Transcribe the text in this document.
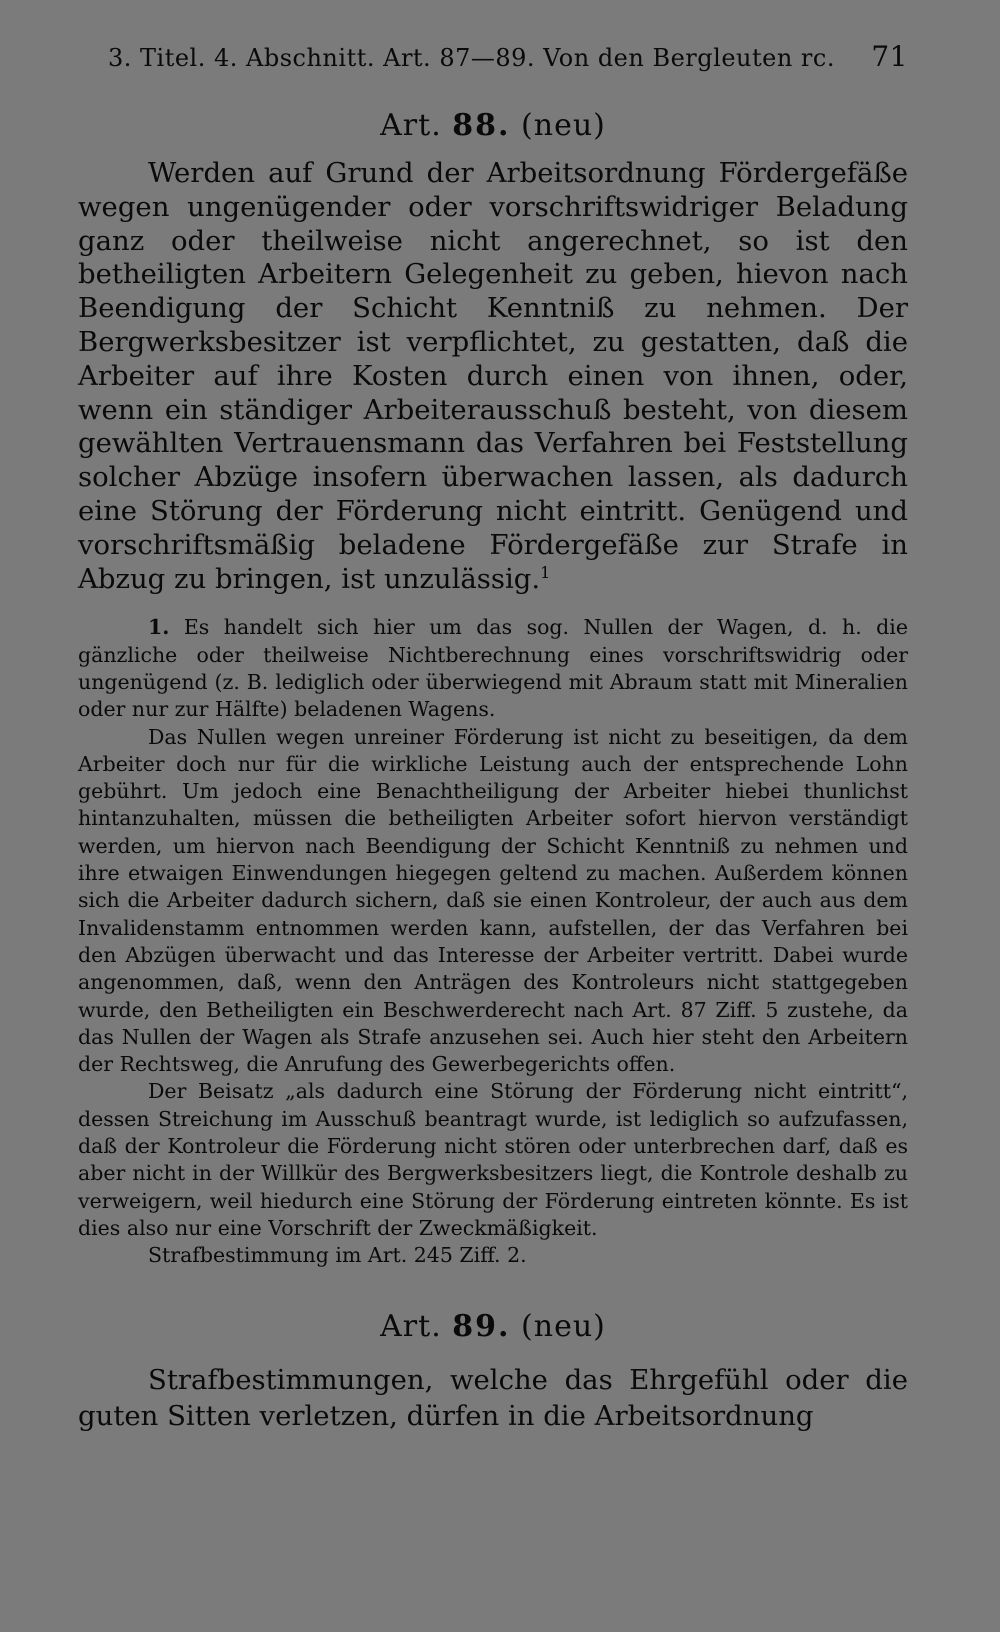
3. Titel. 4. Abschnitt. Art. 87—89. Von den Bergleuten rc. 71
Art. 88. (neu)

Werden auf Grund der Arbeitsordnung Fördergefäße wegen ungenügender oder vorschriftswidriger Beladung ganz oder theilweise nicht angerechnet, so ist den betheiligten Arbeitern Gelegenheit zu geben, hievon nach Beendigung der Schicht Kenntniß zu nehmen. Der Bergwerksbesitzer ist verpflichtet, zu gestatten, daß die Arbeiter auf ihre Kosten durch einen von ihnen, oder, wenn ein ständiger Arbeiterausschuß besteht, von diesem gewählten Vertrauensmann das Verfahren bei Feststellung solcher Abzüge insofern überwachen lassen, als dadurch eine Störung der Förderung nicht eintritt. Genügend und vorschriftsmäßig beladene Fördergefäße zur Strafe in Abzug zu bringen, ist unzulässig.$^1$

1. Es handelt sich hier um das sog. Nullen der Wagen, d. h. die gänzliche oder theilweise Nichtberechnung eines vorschriftswidrig oder ungenügend (z. B. lediglich oder überwiegend mit Abraum statt mit Mineralien oder nur zur Hälfte) beladenen Wagens.

Das Nullen wegen unreiner Förderung ist nicht zu beseitigen, da dem Arbeiter doch nur für die wirkliche Leistung auch der entsprechende Lohn gebührt. Um jedoch eine Benachtheiligung der Arbeiter hiebei thunlichst hintanzuhalten, müssen die betheiligten Arbeiter sofort hiervon verständigt werden, um hiervon nach Beendigung der Schicht Kenntniß zu nehmen und ihre etwaigen Einwendungen hiegegen geltend zu machen. Außerdem können sich die Arbeiter dadurch sichern, daß sie einen Kontroleur, der auch aus dem Invalidenstamm entnommen werden kann, aufstellen, der das Verfahren bei den Abzügen überwacht und das Interesse der Arbeiter vertritt. Dabei wurde angenommen, daß, wenn den Anträgen des Kontroleurs nicht stattgegeben wurde, den Betheiligten ein Beschwerderecht nach Art. 87 Ziff. 5 zustehe, da das Nullen der Wagen als Strafe anzusehen sei. Auch hier steht den Arbeitern der Rechtsweg, die Anrufung des Gewerbegerichts offen.

Der Beisatz „als dadurch eine Störung der Förderung nicht eintritt“, dessen Streichung im Ausschuß beantragt wurde, ist lediglich so aufzufassen, daß der Kontroleur die Förderung nicht stören oder unterbrechen darf, daß es aber nicht in der Willkür des Bergwerksbesitzers liegt, die Kontrole deshalb zu verweigern, weil hiedurch eine Störung der Förderung eintreten könnte. Es ist dies also nur eine Vorschrift der Zweckmäßigkeit.

Strafbestimmung im Art. 245 Ziff. 2.

Art. 89. (neu)

Strafbestimmungen, welche das Ehrgefühl oder die guten Sitten verletzen, dürfen in die Arbeitsordnung
